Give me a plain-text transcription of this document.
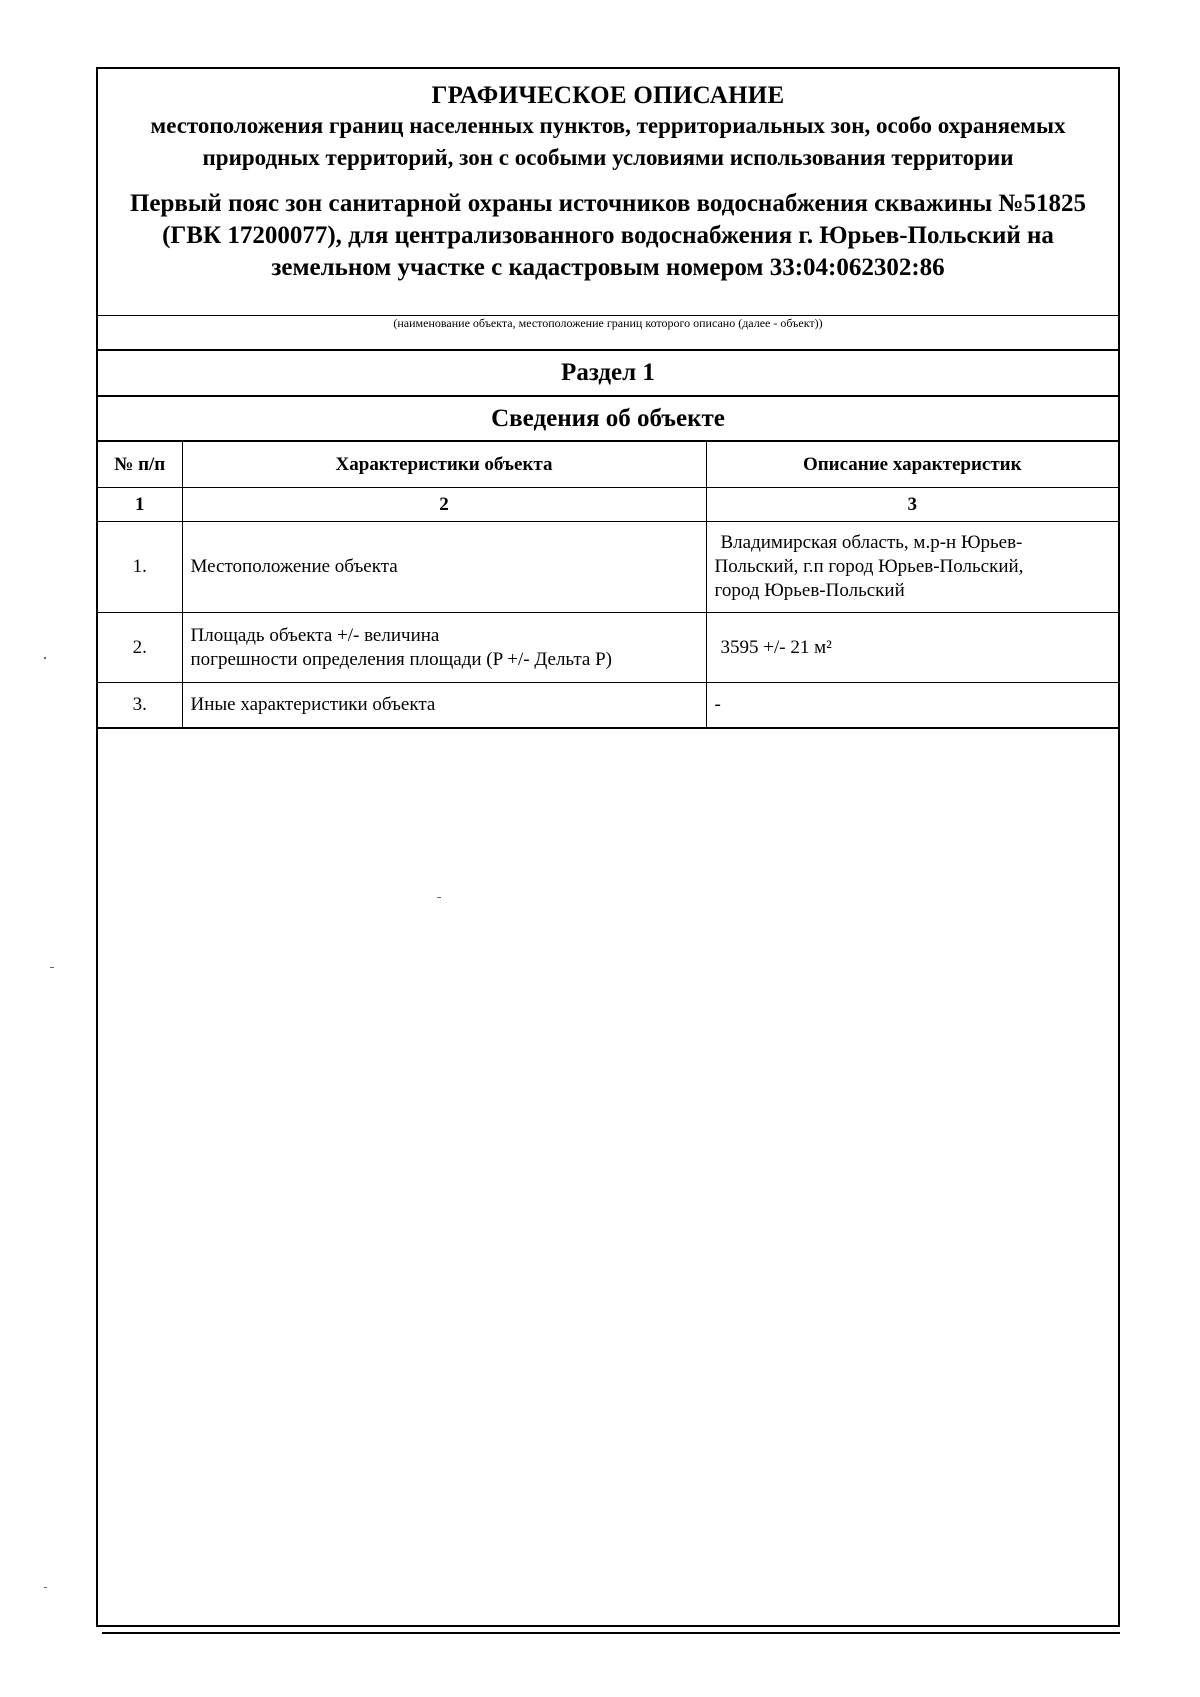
ГРАФИЧЕСКОЕ ОПИСАНИЕ
местоположения границ населенных пунктов, территориальных зон, особо охраняемых природных территорий, зон с особыми условиями использования территории
Первый пояс зон санитарной охраны источников водоснабжения скважины №51825 (ГВК 17200077), для централизованного водоснабжения г. Юрьев-Польский на земельном участке с кадастровым номером 33:04:062302:86
(наименование объекта, местоположение границ которого описано (далее - объект))
Раздел 1
Сведения об объекте
№ п/п	Характеристики объекта	Описание характеристик
1	2	3
1.	Местоположение объекта	Владимирская область, м.р-н Юрьев-
Польский, г.п город Юрьев-Польский,
город Юрьев-Польский

2.	Площадь объекта +/- величина
погрешности определения площади (P +/- Дельта P)	3595 +/- 21 м²
3.	Иные характеристики объекта	-
